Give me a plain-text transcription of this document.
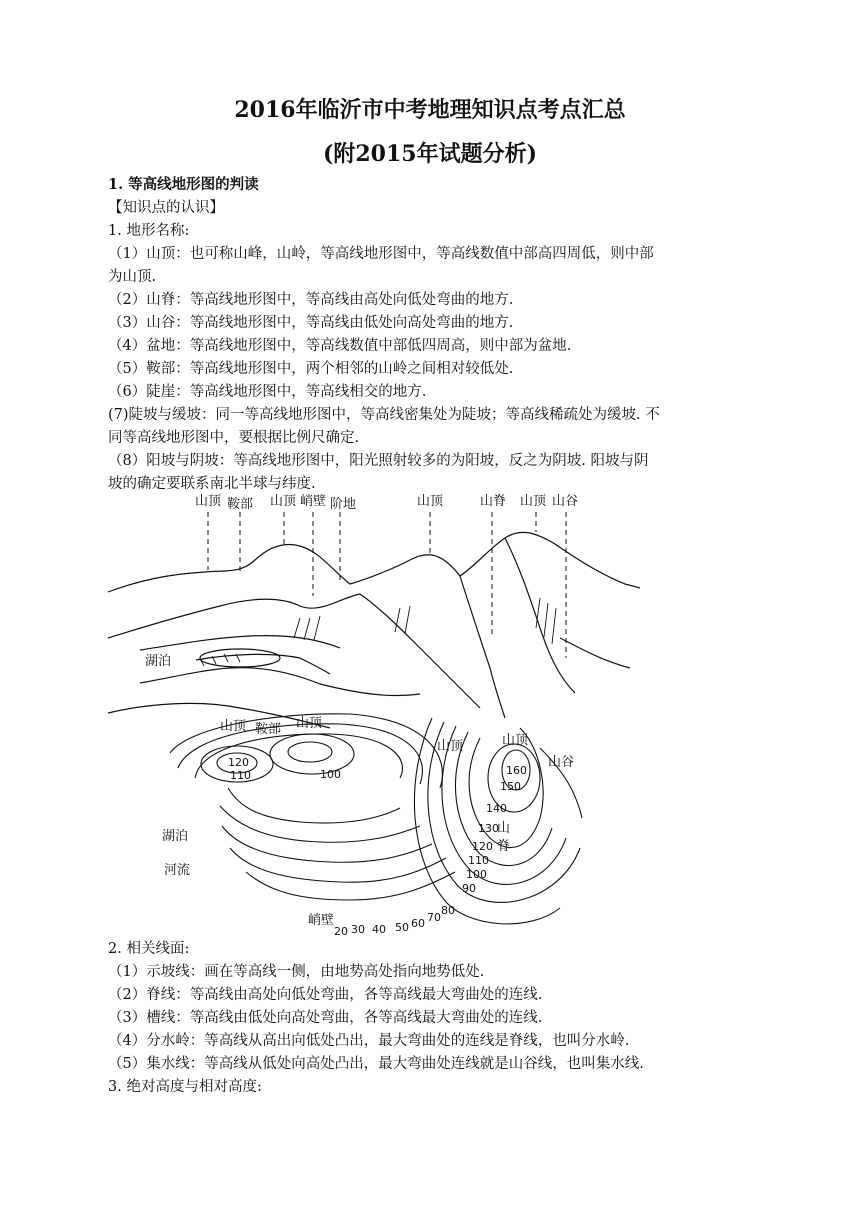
2016年临沂市中考地理知识点考点汇总
(附2015年试题分析)
1. 等高线地形图的判读
【知识点的认识】
1. 地形名称:
（1）山顶：也可称山峰，山岭，等高线地形图中，等高线数值中部高四周低，则中部
为山顶.
（2）山脊：等高线地形图中，等高线由高处向低处弯曲的地方.
（3）山谷：等高线地形图中，等高线由低处向高处弯曲的地方.
（4）盆地：等高线地形图中，等高线数值中部低四周高，则中部为盆地.
（5）鞍部：等高线地形图中，两个相邻的山岭之间相对较低处.
（6）陡崖：等高线地形图中，等高线相交的地方.
(7)陡坡与缓坡：同一等高线地形图中，等高线密集处为陡坡；等高线稀疏处为缓坡. 不
同等高线地形图中，要根据比例尺确定.
（8）阳坡与阴坡：等高线地形图中，阳光照射较多的为阳坡，反之为阴坡. 阳坡与阴
坡的确定要联系南北半球与纬度.
山顶 鞍部 山顶 峭壁 阶地	山顶	山脊 山顶 山谷
湖泊
山顶 鞍部 山顶
山顶	山顶
山谷
山
脊
湖泊
河流
峭壁
120
110	100	160
150
140
130
120
110
100
90
80
70
60
50
40
30
20
2. 相关线面:
（1）示坡线：画在等高线一侧，由地势高处指向地势低处.
（2）脊线：等高线由高处向低处弯曲，各等高线最大弯曲处的连线.
（3）槽线：等高线由低处向高处弯曲，各等高线最大弯曲处的连线.
（4）分水岭：等高线从高出向低处凸出，最大弯曲处的连线是脊线，也叫分水岭.
（5）集水线：等高线从低处向高处凸出，最大弯曲处连线就是山谷线，也叫集水线.
3. 绝对高度与相对高度:
